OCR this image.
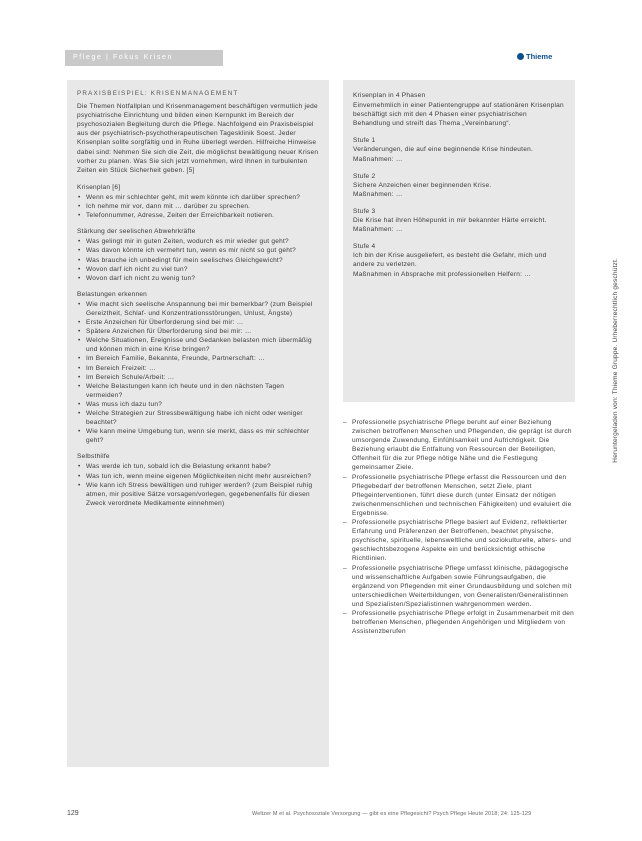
Pflege | Fokus Krisen	Thieme
PRAXISBEISPIEL: KRISENMANAGEMENT

Die Themen Notfallplan und Krisenmanagement beschäftigen vermutlich jede psychiatrische Einrichtung und bilden einen Kernpunkt im Bereich der psychosozialen Begleitung durch die Pflege. Nachfolgend ein Praxisbeispiel aus der psychiatrisch-psychotherapeutischen Tagesklinik Soest. Jeder Krisenplan sollte sorgfältig und in Ruhe überlegt werden. Hilfreiche Hinweise dabei sind: Nehmen Sie sich die Zeit, die möglichst bewältigung neuer Krisen vorher zu planen. Was Sie sich jetzt vornehmen, wird Ihnen in turbulenten Zeiten ein Stück Sicherheit geben. [5]

Krisenplan [6]
• Wenn es mir schlechter geht, mit wem könnte ich darüber sprechen?
• Ich nehme mir vor, dann mit … darüber zu sprechen.
• Telefonnummer, Adresse, Zeiten der Erreichbarkeit notieren.
Stärkung der seelischen Abwehrkräfte
• Was gelingt mir in guten Zeiten, wodurch es mir wieder gut geht?
• Was davon könnte ich vermehrt tun, wenn es mir nicht so gut geht?
• Was brauche ich unbedingt für mein seelisches Gleichgewicht?
• Wovon darf ich nicht zu viel tun?
• Wovon darf ich nicht zu wenig tun?
Belastungen erkennen
• Wie macht sich seelische Anspannung bei mir bemerkbar? (zum Beispiel Gereiztheit, Schlaf- und Konzentrationsstörungen, Unlust, Ängste)
• Erste Anzeichen für Überforderung sind bei mir: …
• Spätere Anzeichen für Überforderung sind bei mir: …
• Welche Situationen, Ereignisse und Gedanken belasten mich übermäßig und können mich in eine Krise bringen?
• Im Bereich Familie, Bekannte, Freunde, Partnerschaft: …
• Im Bereich Freizeit: …
• Im Bereich Schule/Arbeit: …
• Welche Belastungen kann ich heute und in den nächsten Tagen vermeiden?
• Was muss ich dazu tun?
• Welche Strategien zur Stressbewältigung habe ich nicht oder weniger beachtet?
• Wie kann meine Umgebung tun, wenn sie merkt, dass es mir schlechter geht?
Selbsthilfe
• Was werde ich tun, sobald ich die Belastung erkannt habe?
• Was tun ich, wenn meine eigenen Möglichkeiten nicht mehr ausreichen?
• Wie kann ich Stress bewältigen und ruhiger werden? (zum Beispiel ruhig atmen, mir positive Sätze vorsagen/vorlegen, gegebenenfalls für diesen Zweck verordnete Medikamente einnehmen)
Krisenplan in 4 Phasen

Einvernehmlich in einer Patientengruppe auf stationären Krisenplan beschäftigt sich mit den 4 Phasen einer psychiatrischen Behandlung und streift das Thema „Vereinbarung“.

Stufe 1
Veränderungen, die auf eine beginnende Krise hindeuten.
Maßnahmen: …
Stufe 2
Sichere Anzeichen einer beginnenden Krise.
Maßnahmen: …
Stufe 3
Die Krise hat ihren Höhepunkt in mir bekannter Härte erreicht.
Maßnahmen: …
Stufe 4
Ich bin der Krise ausgeliefert, es besteht die Gefahr, mich und andere zu verletzen.
Maßnahmen in Absprache mit professionellen Helfern: …
– Professionelle psychiatrische Pflege beruht auf einer Beziehung zwischen betroffenen Menschen und Pflegenden, die geprägt ist durch umsorgende Zuwendung, Einfühlsamkeit und Aufrichtigkeit. Die Beziehung erlaubt die Entfaltung von Ressourcen der Beteiligten, Offenheit für die zur Pflege nötige Nähe und die Festlegung gemeinsamer Ziele.
– Professionelle psychiatrische Pflege erfasst die Ressourcen und den Pflegebedarf der betroffenen Menschen, setzt Ziele, plant Pflegeinterventionen, führt diese durch (unter Einsatz der nötigen zwischenmenschlichen und technischen Fähigkeiten) und evaluiert die Ergebnisse.
– Professionelle psychiatrische Pflege basiert auf Evidenz, reflektierter Erfahrung und Präferenzen der Betroffenen, beachtet physische, psychische, spirituelle, lebensweltliche und soziokulturelle, alters- und geschlechtsbezogene Aspekte ein und berücksichtigt ethische Richtlinien.
– Professionelle psychiatrische Pflege umfasst klinische, pädagogische und wissenschaftliche Aufgaben sowie Führungsaufgaben, die ergänzend von Pflegenden mit einer Grundausbildung und solchen mit unterschiedlichen Weiterbildungen, von Generalisten/Generalistinnen und Spezialisten/Spezialistinnen wahrgenommen werden.
– Professionelle psychiatrische Pflege erfolgt in Zusammenarbeit mit den betroffenen Menschen, pflegenden Angehörigen und Mitgliedern von Assistenzberufen
129	Weltzer M et al. Psychosoziale Versorgung — gibt es eine Pflegesicht? Psych Pflege Heute 2018; 24: 125-129
Heruntergeladen von: Thieme Gruppe. Urheberrechtlich geschützt.
